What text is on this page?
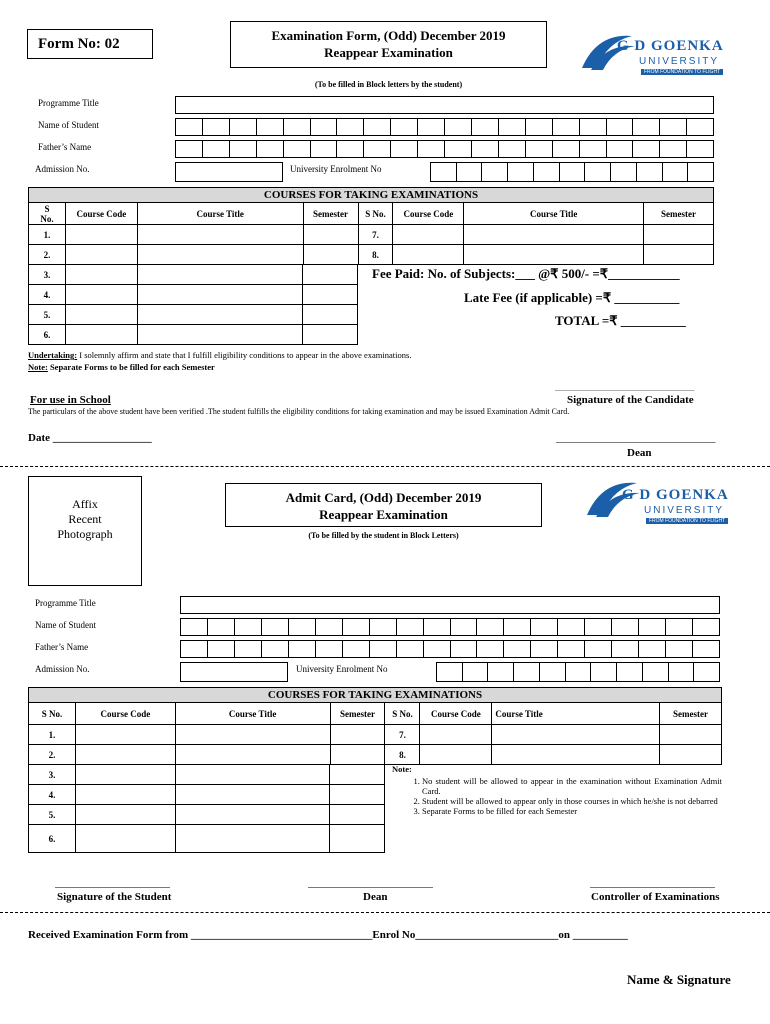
Form No: 02
Examination Form, (Odd) December 2019
Reappear Examination	G D GOENKA
UNIVERSITY
FROM FOUNDATION TO FLIGHT
(To be filled in Block letters by the student)
Programme Title
Name of Student
Father’s Name
Admission No.	University Enrolment No
COURSES FOR TAKING EXAMINATIONS
S
No.	Course Code	Course Title	Semester	S No.	Course Code	Course Title	Semester
1.				7.			
2.				8.			
3.			
4.			
5.			
6.			
Fee Paid: No. of Subjects:___ @₹ 500/- =₹___________
Late Fee (if applicable) =₹ __________
TOTAL =₹ __________
Undertaking: I solemnly affirm and state that I fulfill eligibility conditions to appear in the above examinations.
Note: Separate Forms to be filled for each Semester
_______________________________
For use in School	Signature of the Candidate
The particulars of the above student have been verified .The student fulfills the eligibility conditions for taking examination and may be issued Examination Admit Card.
Date __________________	_____________________________
Dean
Affix
Recent
Photograph
Admit Card, (Odd) December 2019
Reappear Examination
G D GOENKA
UNIVERSITY
FROM FOUNDATION TO FLIGHT
(To be filled by the student in Block Letters)
Programme Title
Name of Student
Father’s Name
Admission No.	University Enrolment No
COURSES FOR TAKING EXAMINATIONS
S No.	Course Code	Course Title	Semester	S No.	Course Code	Course Title	Semester
1.				7.			
2.				8.			
3.			
4.			
5.			
6.			
Note:
1. No student will be allowed to appear in the examination without Examination Admit Card.
2. Student will be allowed to appear only in those courses in which he/she is not debarred
3. Separate Forms to be filled for each Semester
_______________________	_________________________	_________________________
Signature of the Student	Dean	Controller of Examinations
Received Examination Form from _________________________________Enrol No__________________________on __________
Name & Signature
